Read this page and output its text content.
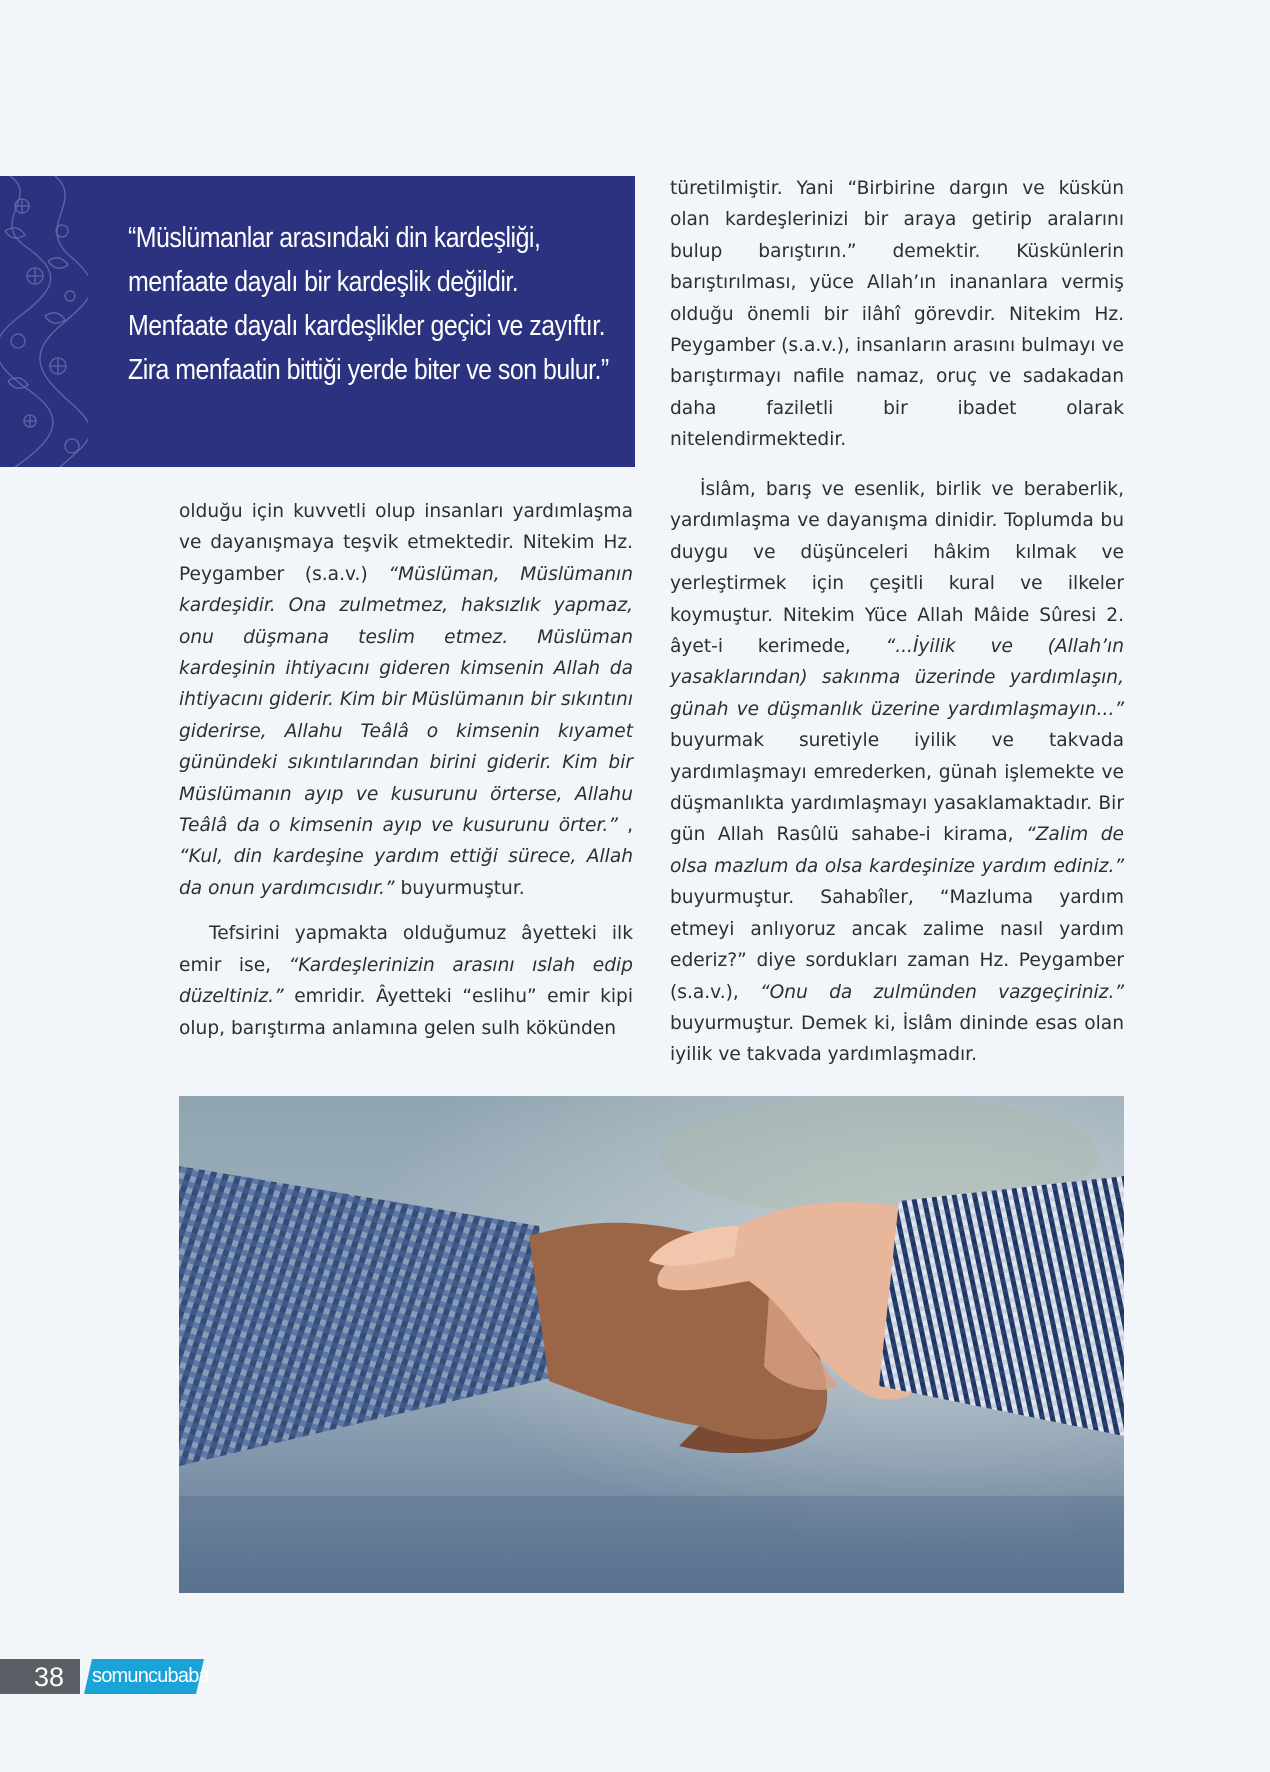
“Müslümanlar arasındaki din kardeşliği, menfaate dayalı bir kardeşlik değildir. Menfaate dayalı kardeşlikler geçici ve zayıftır. Zira menfaatin bittiği yerde biter ve son bulur.”

türetilmiştir. Yani “Birbirine dargın ve küskün olan kardeşlerinizi bir araya getirip aralarını bulup barıştırın.” demektir. Küskünlerin barıştırılması, yüce Allah’ın inananlara vermiş olduğu önemli bir ilâhî görevdir. Nitekim Hz. Peygamber (s.a.v.), insanların arasını bulmayı ve barıştırmayı nafile namaz, oruç ve sadakadan daha faziletli bir ibadet olarak nitelendirmektedir.

olduğu için kuvvetli olup insanları yardımlaşma ve dayanışmaya teşvik etmektedir. Nitekim Hz. Peygamber (s.a.v.) “Müslüman, Müslümanın kardeşidir. Ona zulmetmez, haksızlık yapmaz, onu düşmana teslim etmez. Müslüman kardeşinin ihtiyacını gideren kimsenin Allah da ihtiyacını giderir. Kim bir Müslümanın bir sıkıntını giderirse, Allahu Teâlâ o kimsenin kıyamet günündeki sıkıntılarından birini giderir. Kim bir Müslümanın ayıp ve kusurunu örterse, Allahu Teâlâ da o kimsenin ayıp ve kusurunu örter.” , “Kul, din kardeşine yardım ettiği sürece, Allah da onun yardımcısıdır.” buyurmuştur.

Tefsirini yapmakta olduğumuz âyetteki ilk emir ise, “Kardeşlerinizin arasını ıslah edip düzeltiniz.” emridir. Âyetteki “eslihu” emir kipi olup, barıştırma anlamına gelen sulh kökünden

İslâm, barış ve esenlik, birlik ve beraberlik, yardımlaşma ve dayanışma dinidir. Toplumda bu duygu ve düşünceleri hâkim kılmak ve yerleştirmek için çeşitli kural ve ilkeler koymuştur. Nitekim Yüce Allah Mâide Sûresi 2. âyet-i kerimede, “...İyilik ve (Allah’ın yasaklarından) sakınma üzerinde yardımlaşın, günah ve düşmanlık üzerine yardımlaşmayın...” buyurmak suretiyle iyilik ve takvada yardımlaşmayı emrederken, günah işlemekte ve düşmanlıkta yardımlaşmayı yasaklamaktadır. Bir gün Allah Rasûlü sahabe-i kirama, “Zalim de olsa mazlum da olsa kardeşinize yardım ediniz.” buyurmuştur. Sahabîler, “Mazluma yardım etmeyi anlıyoruz ancak zalime nasıl yardım ederiz?” diye sordukları zaman Hz. Peygamber (s.a.v.), “Onu da zulmünden vazgeçiriniz.” buyurmuştur. Demek ki, İslâm dininde esas olan iyilik ve takvada yardımlaşmadır.

38 somuncubaba
